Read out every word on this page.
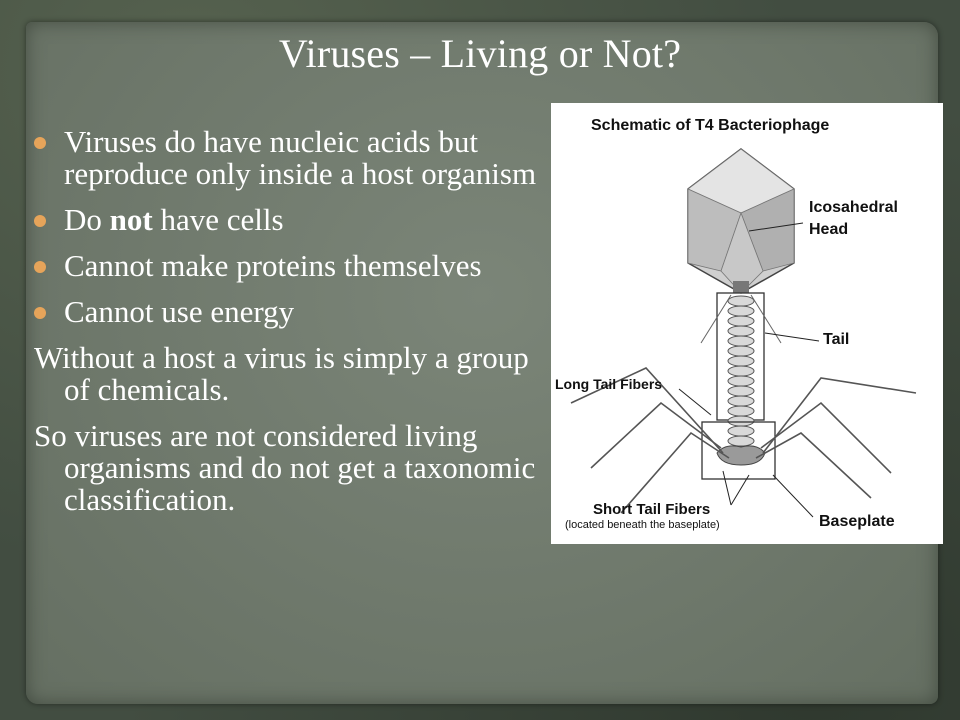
Viruses – Living or Not?
Viruses do have nucleic acids but reproduce only inside a host organism
Do not have cells
Cannot make proteins themselves
Cannot use energy

Without a host a virus is simply a group of chemicals.

So viruses are not considered living organisms and do not get a taxonomic classification.

Schematic of T4 Bacteriophage
Icosahedral
Head
Tail
Long Tail Fibers
Short Tail Fibers
(located beneath the baseplate)	Baseplate
